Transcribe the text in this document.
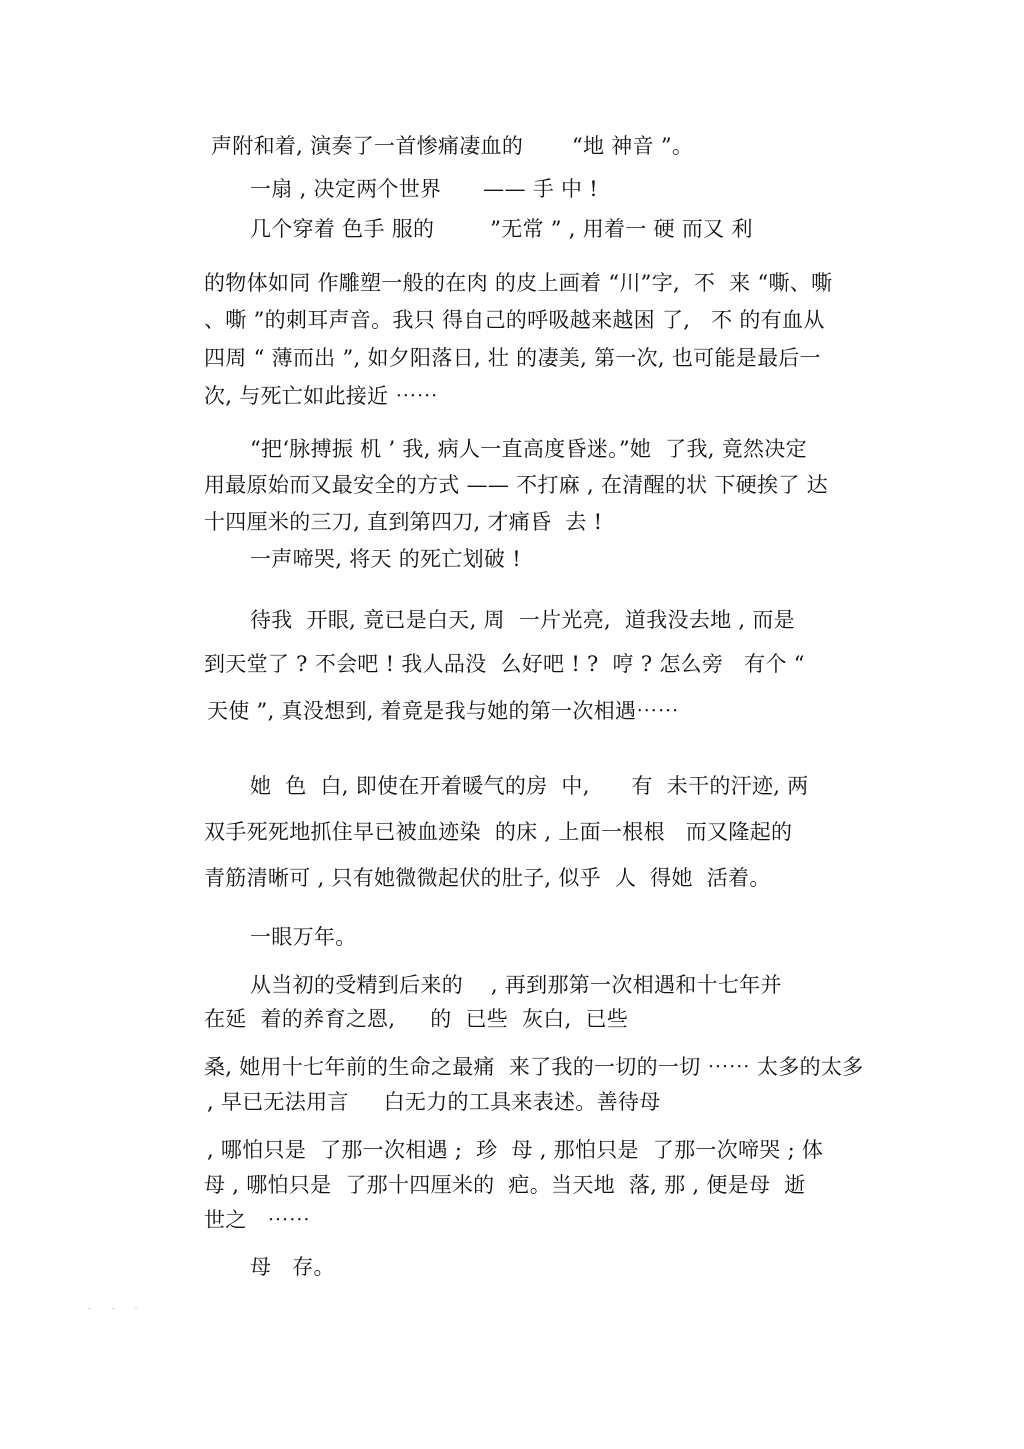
声附和着, 演奏了一首惨痛凄血的       “地 神音 ”。
一扇 , 决定两个世界      —— 手 中 !
几个穿着 色手 服的        ”无常 ” , 用着一 硬 而又 利
的物体如同 作雕塑一般的在肉 的皮上画着 “川”字,  不  来 “嘶、嘶
、嘶 ”的刺耳声音。我只 得自己的呼吸越来越困 了,   不 的有血从
四周 “ 薄而出 ”, 如夕阳落日, 壮 的凄美, 第一次, 也可能是最后一
次, 与死亡如此接近 ⋯⋯
“把‘脉搏振 机 ’ 我, 病人一直高度昏迷。”她  了我, 竟然决定
用最原始而又最安全的方式 —— 不打麻 , 在清醒的状 下硬挨了 达
十四厘米的三刀, 直到第四刀, 才痛昏  去 !
一声啼哭, 将天 的死亡划破 !
待我  开眼, 竟已是白天, 周  一片光亮,  道我没去地 , 而是
到天堂了 ? 不会吧 ! 我人品没  么好吧 ! ?  哼 ? 怎么旁   有个 “
天使 ”, 真没想到, 着竟是我与她的第一次相遇⋯⋯
她  色  白, 即使在开着暖气的房  中,      有  未干的汗迹, 两
双手死死地抓住早已被血迹染  的床 , 上面一根根   而又隆起的
青筋清晰可 , 只有她微微起伏的肚子, 似乎  人  得她  活着。
一眼万年。
从当初的受精到后来的    , 再到那第一次相遇和十七年并
在延  着的养育之恩,     的  已些  灰白,  已些
桑, 她用十七年前的生命之最痛  来了我的一切的一切 ⋯⋯ 太多的太多
, 早已无法用言     白无力的工具来表述。善待母
, 哪怕只是  了那一次相遇 ;  珍  母 , 那怕只是  了那一次啼哭 ; 体
母 , 哪怕只是  了那十四厘米的  疤。当天地  落, 那 , 便是母  逝
世之   ⋯⋯
母   存。
